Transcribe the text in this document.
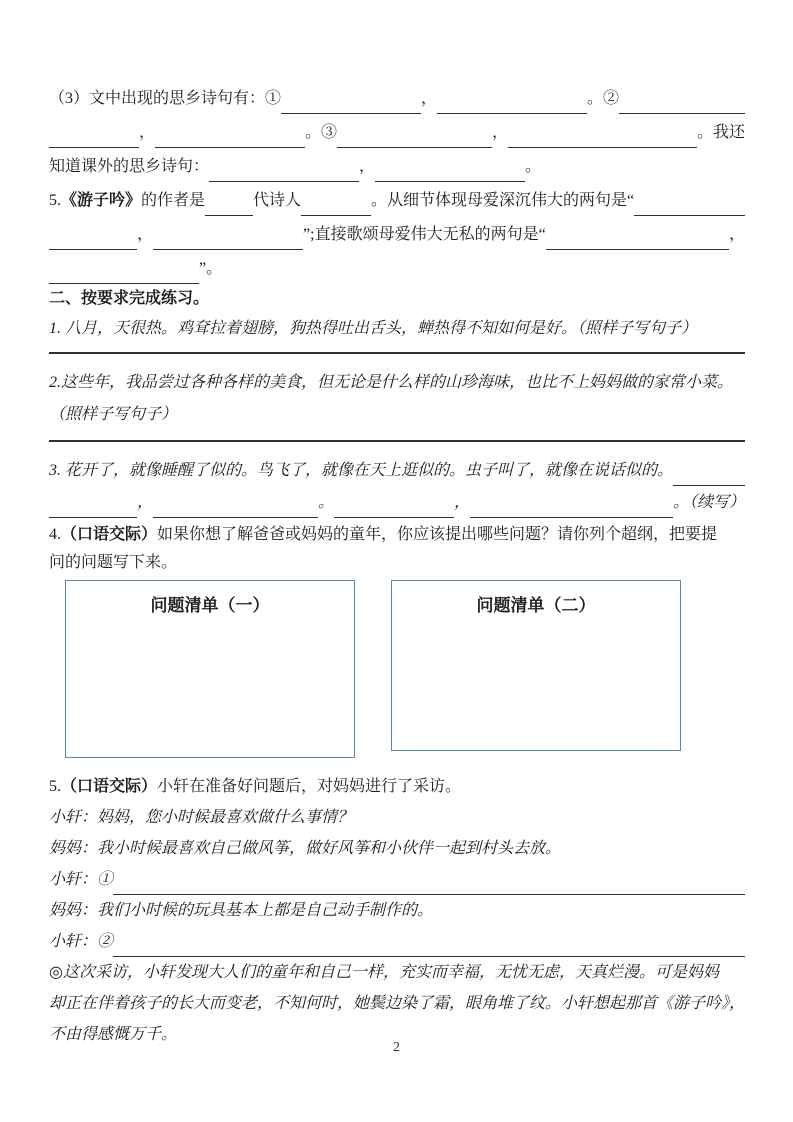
（3）文中出现的思乡诗句有：①	，	。②
，	。③	，	。我还
知道课外的思乡诗句：	，	。
5. 《游子吟》 的作者是	代诗人	。从细节体现母爱深沉伟大的两句是“
，	”;直接歌颂母爱伟大无私的两句是“	，
”。
二、按要求完成练习。
1. 八月，天很热。鸡耷拉着翅膀，狗热得吐出舌头，蝉热得不知如何是好。（照样子写句子）
2.这些年，我品尝过各种各样的美食，但无论是什么样的山珍海味，也比不上妈妈做的家常小菜。
（照样子写句子）
3. 花开了，就像睡醒了似的。鸟飞了，就像在天上逛似的。虫子叫了，就像在说话似的。
，	。	，	。（续写）
4. （口语交际） 如果你想了解爸爸或妈妈的童年，你应该提出哪些问题？请你列个超纲，把要提
问的问题写下来。
问题清单（一）	问题清单（二）
5. （口语交际） 小轩在准备好问题后，对妈妈进行了采访。
小轩：妈妈，您小时候最喜欢做什么事情？
妈妈：我小时候最喜欢自己做风筝，做好风筝和小伙伴一起到村头去放。
小轩：①
妈妈：我们小时候的玩具基本上都是自己动手制作的。
小轩：②
◎这次采访，小轩发现大人们的童年和自己一样，充实而幸福，无忧无虑，天真烂漫。可是妈妈
却正在伴着孩子的长大而变老，不知何时，她鬓边染了霜，眼角堆了纹。小轩想起那首《游子吟》，
不由得感慨万千。
2
